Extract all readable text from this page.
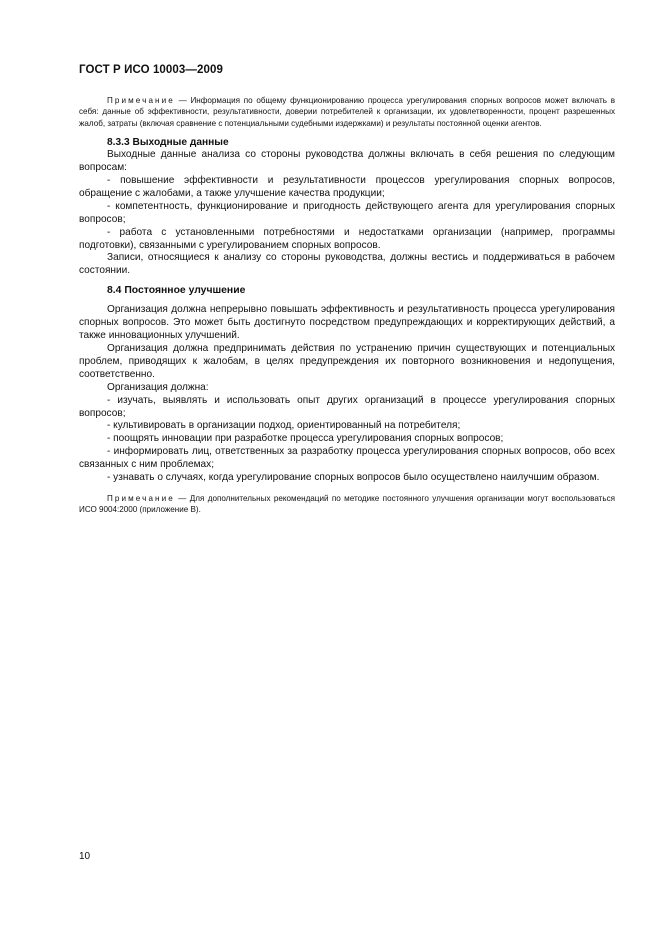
ГОСТ Р ИСО 10003—2009

Примечание — Информация по общему функционированию процесса урегулирования спорных вопросов может включать в себя: данные об эффективности, результативности, доверии потребителей к организации, их удовлетворенности, процент разрешенных жалоб, затраты (включая сравнение с потенциальными судебными издержками) и результаты постоянной оценки агентов.

8.3.3 Выходные данные

Выходные данные анализа со стороны руководства должны включать в себя решения по следующим вопросам:

- повышение эффективности и результативности процессов урегулирования спорных вопросов, обращение с жалобами, а также улучшение качества продукции;

- компетентность, функционирование и пригодность действующего агента для урегулирования спорных вопросов;

- работа с установленными потребностями и недостатками организации (например, программы подготовки), связанными с урегулированием спорных вопросов.

Записи, относящиеся к анализу со стороны руководства, должны вестись и поддерживаться в рабочем состоянии.

8.4 Постоянное улучшение

Организация должна непрерывно повышать эффективность и результативность процесса урегулирования спорных вопросов. Это может быть достигнуто посредством предупреждающих и корректирующих действий, а также инновационных улучшений.

Организация должна предпринимать действия по устранению причин существующих и потенциальных проблем, приводящих к жалобам, в целях предупреждения их повторного возникновения и недопущения, соответственно.

Организация должна:

- изучать, выявлять и использовать опыт других организаций в процессе урегулирования спорных вопросов;

- культивировать в организации подход, ориентированный на потребителя;

- поощрять инновации при разработке процесса урегулирования спорных вопросов;

- информировать лиц, ответственных за разработку процесса урегулирования спорных вопросов, обо всех связанных с ним проблемах;

- узнавать о случаях, когда урегулирование спорных вопросов было осуществлено наилучшим образом.

Примечание — Для дополнительных рекомендаций по методике постоянного улучшения организации могут воспользоваться ИСО 9004:2000 (приложение В).

10
